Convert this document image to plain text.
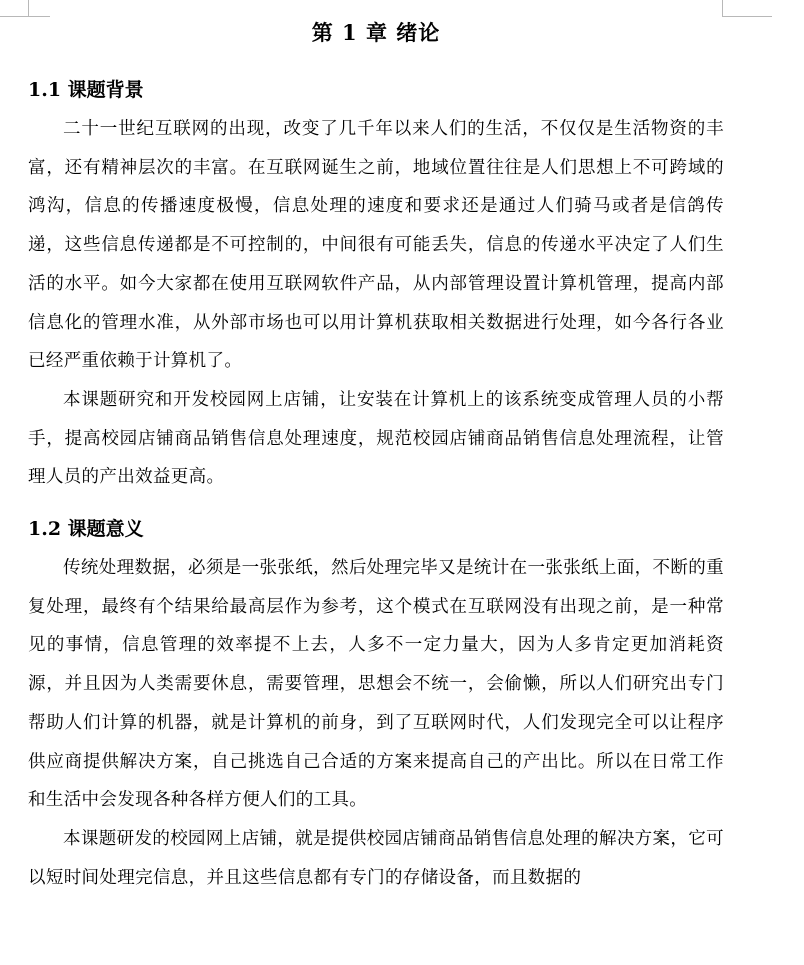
第 1 章 绪论
1.1 课题背景

二十一世纪互联网的出现，改变了几千年以来人们的生活，不仅仅是生活物资的丰富，还有精神层次的丰富。在互联网诞生之前，地域位置往往是人们思想上不可跨域的鸿沟，信息的传播速度极慢，信息处理的速度和要求还是通过人们骑马或者是信鸽传递，这些信息传递都是不可控制的，中间很有可能丢失，信息的传递水平决定了人们生活的水平。如今大家都在使用互联网软件产品，从内部管理设置计算机管理，提高内部信息化的管理水准，从外部市场也可以用计算机获取相关数据进行处理，如今各行各业已经严重依赖于计算机了。

本课题研究和开发校园网上店铺，让安装在计算机上的该系统变成管理人员的小帮手，提高校园店铺商品销售信息处理速度，规范校园店铺商品销售信息处理流程，让管理人员的产出效益更高。

1.2 课题意义

传统处理数据，必须是一张张纸，然后处理完毕又是统计在一张张纸上面，不断的重复处理，最终有个结果给最高层作为参考，这个模式在互联网没有出现之前，是一种常见的事情，信息管理的效率提不上去，人多不一定力量大，因为人多肯定更加消耗资源，并且因为人类需要休息，需要管理，思想会不统一，会偷懒，所以人们研究出专门帮助人们计算的机器，就是计算机的前身，到了互联网时代，人们发现完全可以让程序供应商提供解决方案，自己挑选自己合适的方案来提高自己的产出比。所以在日常工作和生活中会发现各种各样方便人们的工具。

本课题研发的校园网上店铺，就是提供校园店铺商品销售信息处理的解决方案，它可以短时间处理完信息，并且这些信息都有专门的存储设备，而且数据的
